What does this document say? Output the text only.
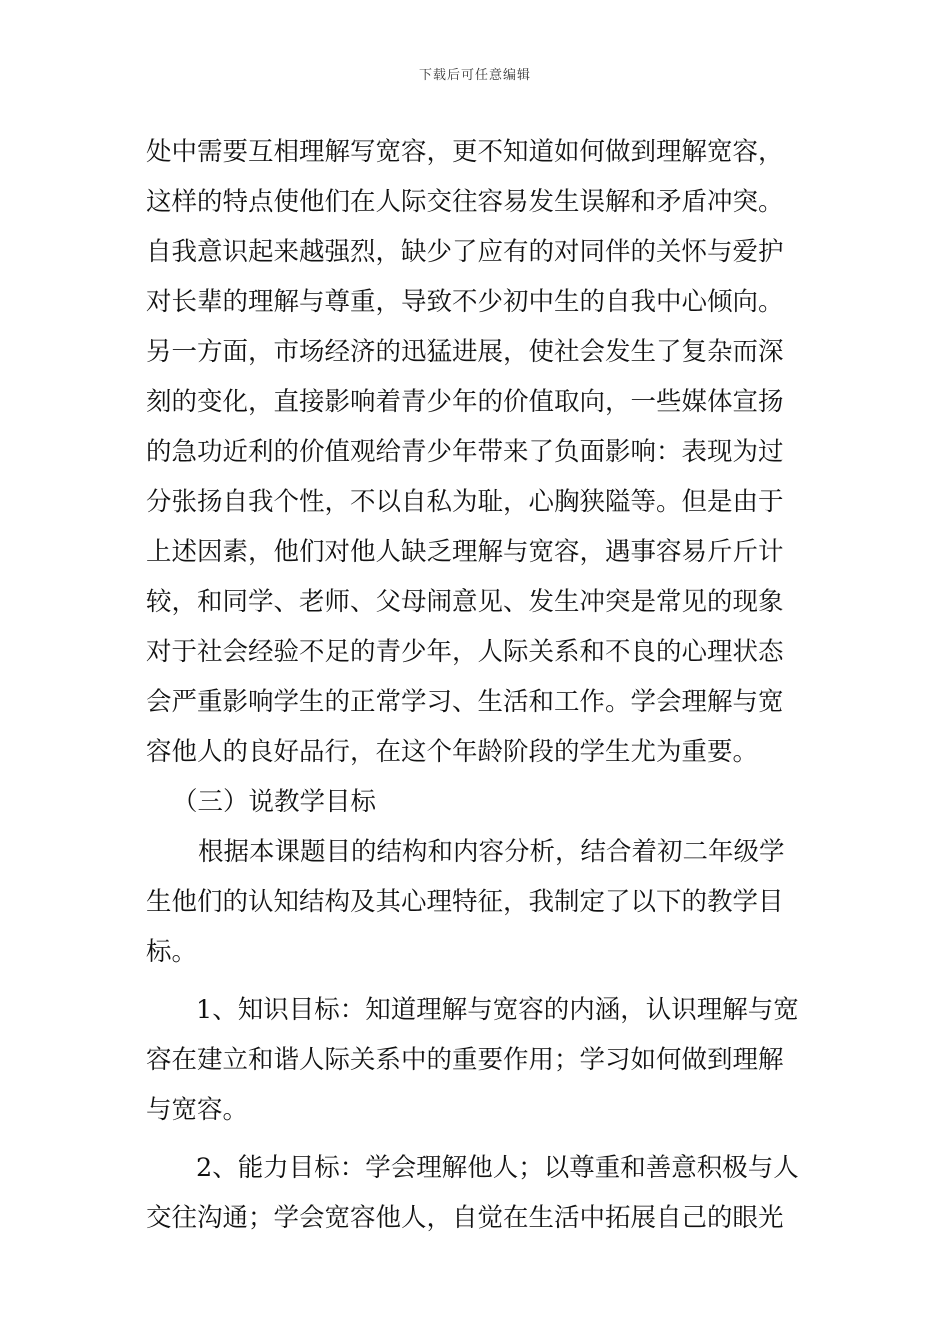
下载后可任意编辑
处中需要互相理解写宽容，更不知道如何做到理解宽容，
这样的特点使他们在人际交往容易发生误解和矛盾冲突。
自我意识起来越强烈，缺少了应有的对同伴的关怀与爱护
对长辈的理解与尊重，导致不少初中生的自我中心倾向。
另一方面，市场经济的迅猛进展，使社会发生了复杂而深
刻的变化，直接影响着青少年的价值取向，一些媒体宣扬
的急功近利的价值观给青少年带来了负面影响：表现为过
分张扬自我个性，不以自私为耻，心胸狭隘等。但是由于
上述因素，他们对他人缺乏理解与宽容，遇事容易斤斤计
较，和同学、老师、父母闹意见、发生冲突是常见的现象
对于社会经验不足的青少年，人际关系和不良的心理状态
会严重影响学生的正常学习、生活和工作。学会理解与宽
容他人的良好品行，在这个年龄阶段的学生尤为重要。
（三）说教学目标
根据本课题目的结构和内容分析，结合着初二年级学
生他们的认知结构及其心理特征，我制定了以下的教学目
标。
1、知识目标：知道理解与宽容的内涵，认识理解与宽
容在建立和谐人际关系中的重要作用；学习如何做到理解
与宽容。
2、能力目标：学会理解他人；以尊重和善意积极与人
交往沟通；学会宽容他人，自觉在生活中拓展自己的眼光
